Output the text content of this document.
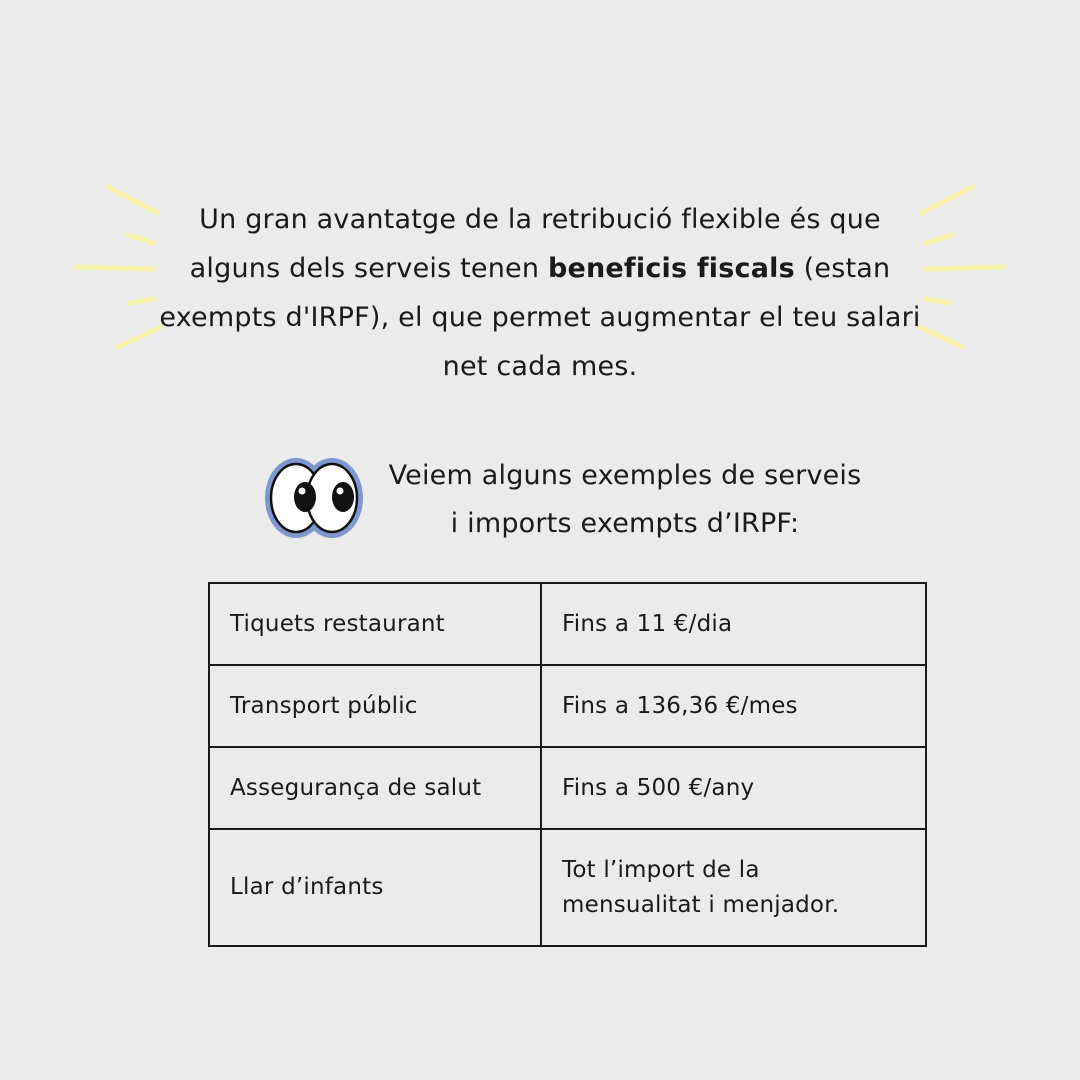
Un gran avantatge de la retribució flexible és que alguns dels serveis tenen beneficis fiscals (estan exempts d'IRPF), el que permet augmentar el teu salari net cada mes.

Veiem alguns exemples de serveis
i imports exempts d’IRPF:
Tiquets restaurant	Fins a 11 €/dia
Transport públic	Fins a 136,36 €/mes
Assegurança de salut	Fins a 500 €/any
Llar d’infants	Tot l’import de la
mensualitat i menjador.
